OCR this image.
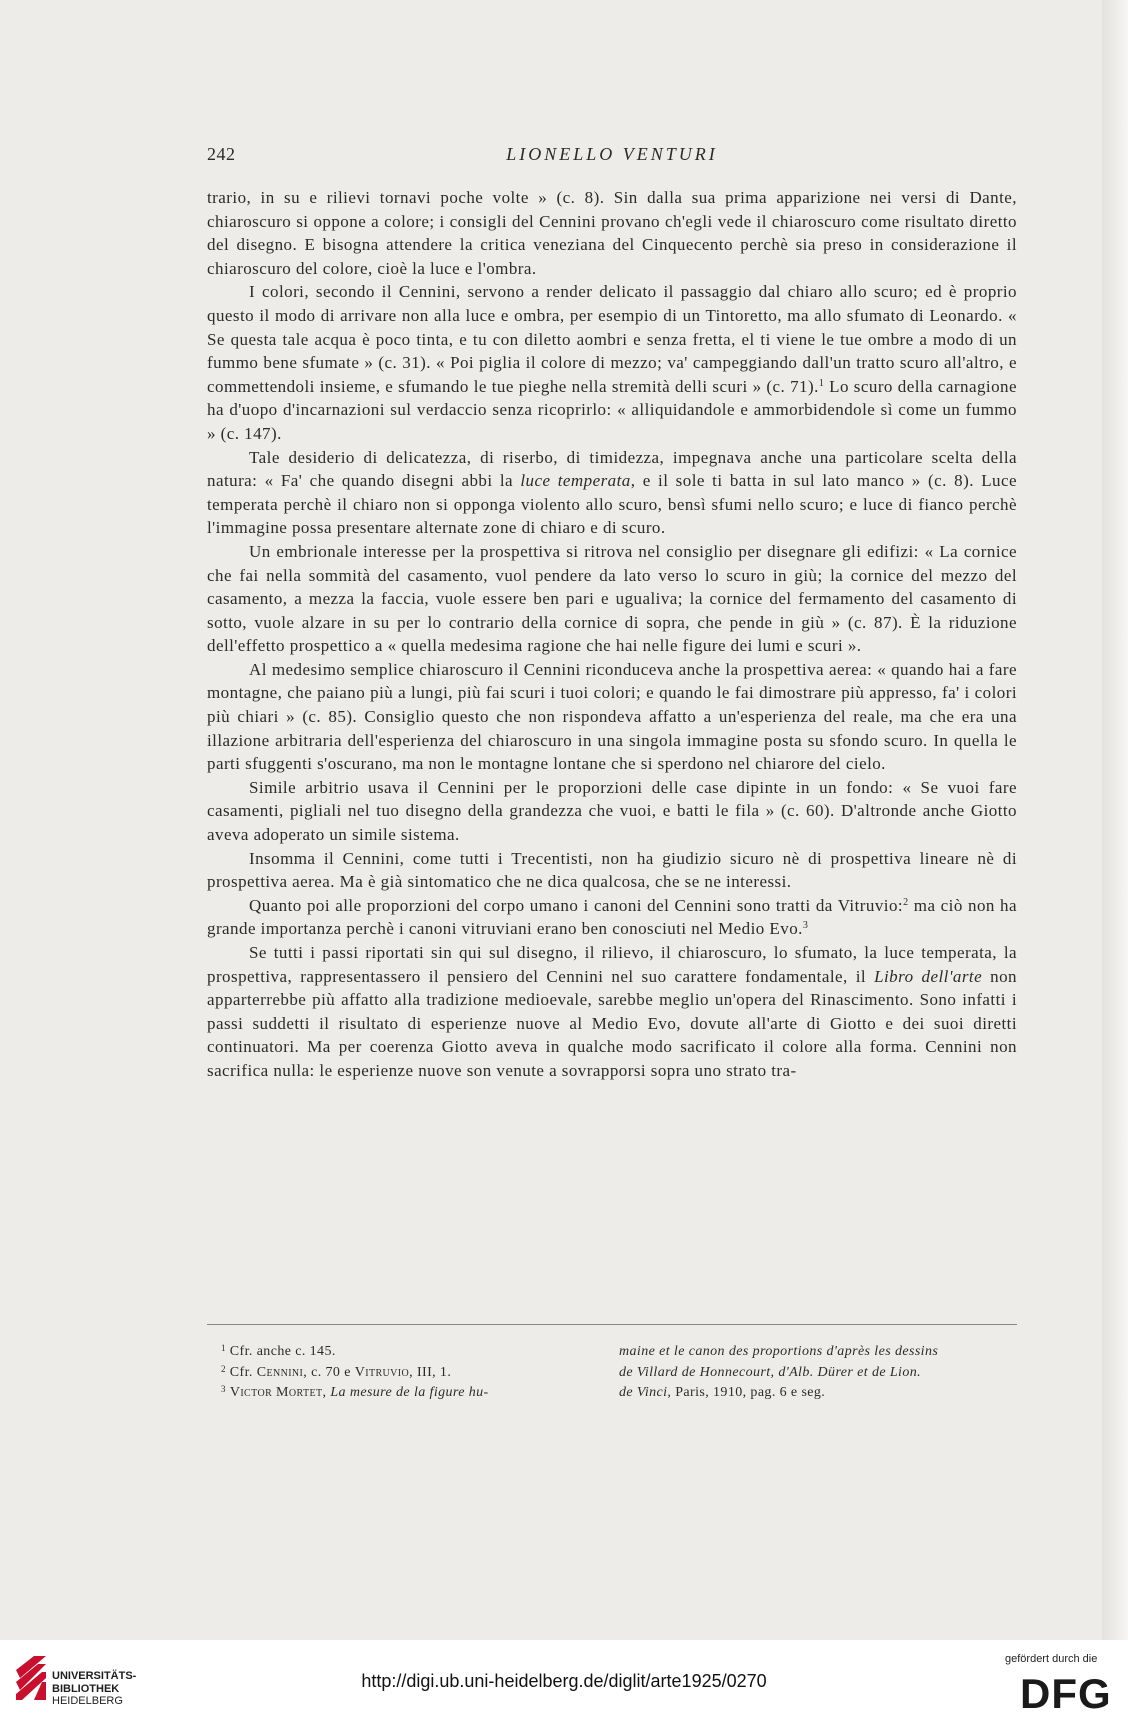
242	LIONELLO VENTURI

trario, in su e rilievi tornavi poche volte » (c. 8). Sin dalla sua prima apparizione nei versi di Dante, chiaroscuro si oppone a colore; i consigli del Cennini provano ch'egli vede il chiaroscuro come risultato diretto del disegno. E bisogna attendere la critica veneziana del Cinquecento perchè sia preso in considerazione il chiaroscuro del colore, cioè la luce e l'ombra.

I colori, secondo il Cennini, servono a render delicato il passaggio dal chiaro allo scuro; ed è proprio questo il modo di arrivare non alla luce e ombra, per esempio di un Tintoretto, ma allo sfumato di Leonardo. « Se questa tale acqua è poco tinta, e tu con diletto aombri e senza fretta, el ti viene le tue ombre a modo di un fummo bene sfumate » (c. 31). « Poi piglia il colore di mezzo; va' campeggiando dall'un tratto scuro all'altro, e commettendoli insieme, e sfumando le tue pieghe nella stremità delli scuri » (c. 71).$^1$ Lo scuro della carnagione ha d'uopo d'incarnazioni sul verdaccio senza ricoprirlo: « alliquidandole e ammorbidendole sì come un fummo » (c. 147).

Tale desiderio di delicatezza, di riserbo, di timidezza, impegnava anche una particolare scelta della natura: « Fa' che quando disegni abbi la luce temperata, e il sole ti batta in sul lato manco » (c. 8). Luce temperata perchè il chiaro non si opponga violento allo scuro, bensì sfumi nello scuro; e luce di fianco perchè l'immagine possa presentare alternate zone di chiaro e di scuro.

Un embrionale interesse per la prospettiva si ritrova nel consiglio per disegnare gli edifizi: « La cornice che fai nella sommità del casamento, vuol pendere da lato verso lo scuro in giù; la cornice del mezzo del casamento, a mezza la faccia, vuole essere ben pari e ugualiva; la cornice del fermamento del casamento di sotto, vuole alzare in su per lo contrario della cornice di sopra, che pende in giù » (c. 87). È la riduzione dell'effetto prospettico a « quella medesima ragione che hai nelle figure dei lumi e scuri ».

Al medesimo semplice chiaroscuro il Cennini riconduceva anche la prospettiva aerea: « quando hai a fare montagne, che paiano più a lungi, più fai scuri i tuoi colori; e quando le fai dimostrare più appresso, fa' i colori più chiari » (c. 85). Consiglio questo che non rispondeva affatto a un'esperienza del reale, ma che era una illazione arbitraria dell'esperienza del chiaroscuro in una singola immagine posta su sfondo scuro. In quella le parti sfuggenti s'oscurano, ma non le montagne lontane che si sperdono nel chiarore del cielo.

Simile arbitrio usava il Cennini per le proporzioni delle case dipinte in un fondo: « Se vuoi fare casamenti, pigliali nel tuo disegno della grandezza che vuoi, e batti le fila » (c. 60). D'altronde anche Giotto aveva adoperato un simile sistema.

Insomma il Cennini, come tutti i Trecentisti, non ha giudizio sicuro nè di prospettiva lineare nè di prospettiva aerea. Ma è già sintomatico che ne dica qualcosa, che se ne interessi.

Quanto poi alle proporzioni del corpo umano i canoni del Cennini sono tratti da Vitruvio:$^2$ ma ciò non ha grande importanza perchè i canoni vitruviani erano ben conosciuti nel Medio Evo.$^3$

Se tutti i passi riportati sin qui sul disegno, il rilievo, il chiaroscuro, lo sfumato, la luce temperata, la prospettiva, rappresentassero il pensiero del Cennini nel suo carattere fondamentale, il Libro dell'arte non apparterrebbe più affatto alla tradizione medioevale, sarebbe meglio un'opera del Rinascimento. Sono infatti i passi suddetti il risultato di esperienze nuove al Medio Evo, dovute all'arte di Giotto e dei suoi diretti continuatori. Ma per coerenza Giotto aveva in qualche modo sacrificato il colore alla forma. Cennini non sacrifica nulla: le esperienze nuove son venute a sovrapporsi sopra uno strato tra-

$^1$ Cfr. anche c. 145.
$^2$ Cfr. Cennini, c. 70 e Vitruvio, III, 1.
$^3$ Victor Mortet, La mesure de la figure hu-
maine et le canon des proportions d'après les dessins
de Villard de Honnecourt, d'Alb. Dürer et de Lion.
de Vinci, Paris, 1910, pag. 6 e seg.
UNIVERSITÄTS-
BIBLIOTHEK
HEIDELBERG
http://digi.ub.uni-heidelberg.de/diglit/arte1925/0270
gefördert durch die
DFG
